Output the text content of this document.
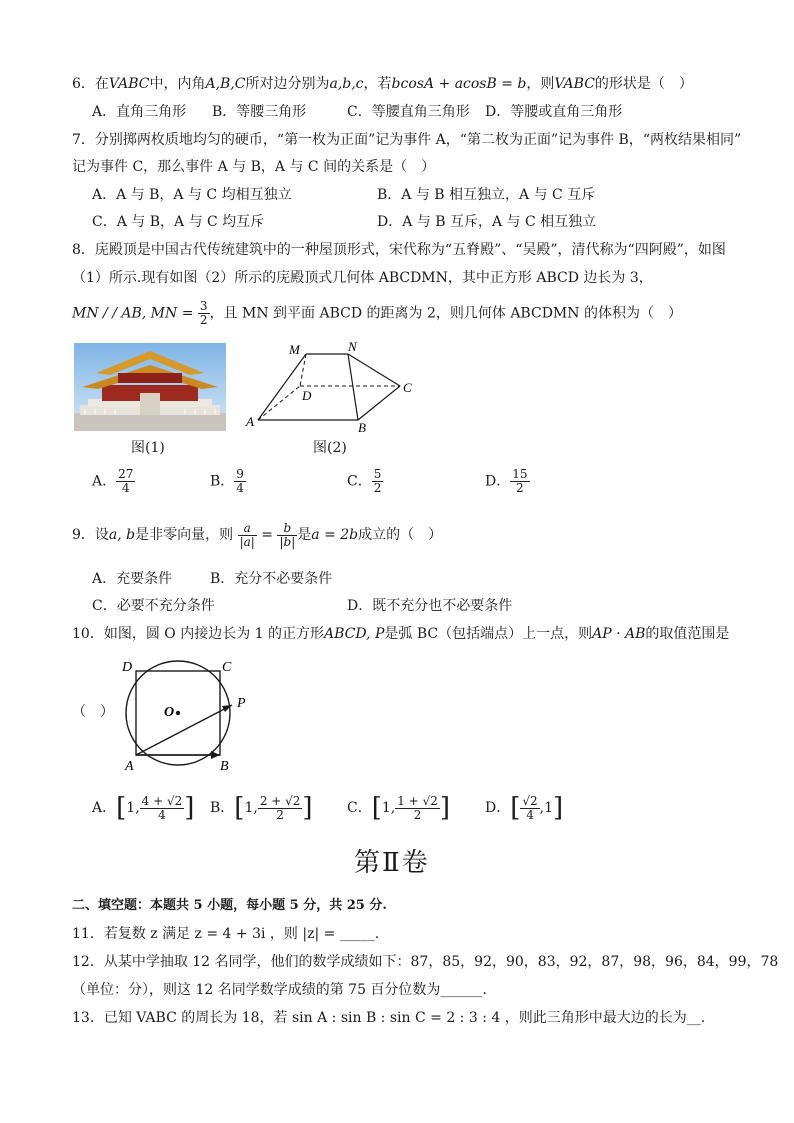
6．在VABC中，内角A,B,C所对边分别为a,b,c，若bcosA + acosB = b，则VABC的形状是（　）
A．直角三角形 B．等腰三角形	C．等腰直角三角形 D．等腰或直角三角形
7．分别掷两枚质地均匀的硬币，“第一枚为正面”记为事件 A，“第二枚为正面”记为事件 B，“两枚结果相同”
记为事件 C，那么事件 A 与 B，A 与 C 间的关系是（　）
A．A 与 B，A 与 C 均相互独立	B．A 与 B 相互独立，A 与 C 互斥
C．A 与 B，A 与 C 均互斥	D．A 与 B 互斥，A 与 C 相互独立
8．庑殿顶是中国古代传统建筑中的一种屋顶形式，宋代称为“五脊殿”、“吴殿”，清代称为“四阿殿”，如图
（1）所示.现有如图（2）所示的庑殿顶式几何体 ABCDMN，其中正方形 ABCD 边长为 3，
MN / / AB, MN = $\frac{3}{2}$ ，且 MN 到平面 ABCD 的距离为 2，则几何体 ABCDMN 的体积为（　）
图(1)
M	N
D
C
A	B
图(2)
A． $\frac{27}{4}$	B． $\frac{9}{4}$	C． $\frac{5}{2}$	D． $\frac{15}{2}$
9．设a, b是非零向量，则 $\frac{a}{|a|} = \frac{b}{|b|}$ 是a = 2b成立的（　）
A．充要条件	B．充分不必要条件
C．必要不充分条件	D．既不充分也不必要条件
10．如图，圆 O 内接边长为 1 的正方形ABCD, P是弧 BC（包括端点）上一点，则AP · AB的取值范围是
（　）
D	C
O
P
A	B
A．[1, $\frac{4 + √2}{4}$ ] B．[1, $\frac{2 + √2}{2}$ ] C．[1, $\frac{1 + √2}{2}$ ]	D．[ $\frac{√2}{4} ,1$]
第Ⅱ卷
二、填空题：本题共 5 小题，每小题 5 分，共 25 分.
11．若复数 z 满足 z = 4 + 3i ，则 |z| = _____.
12．从某中学抽取 12 名同学，他们的数学成绩如下：87，85，92，90，83，92，87，98，96，84，99，78
（单位：分），则这 12 名同学数学成绩的第 75 百分位数为______.
13．已知 VABC 的周长为 18，若 sin A : sin B : sin C = 2 : 3 : 4 ，则此三角形中最大边的长为__.
